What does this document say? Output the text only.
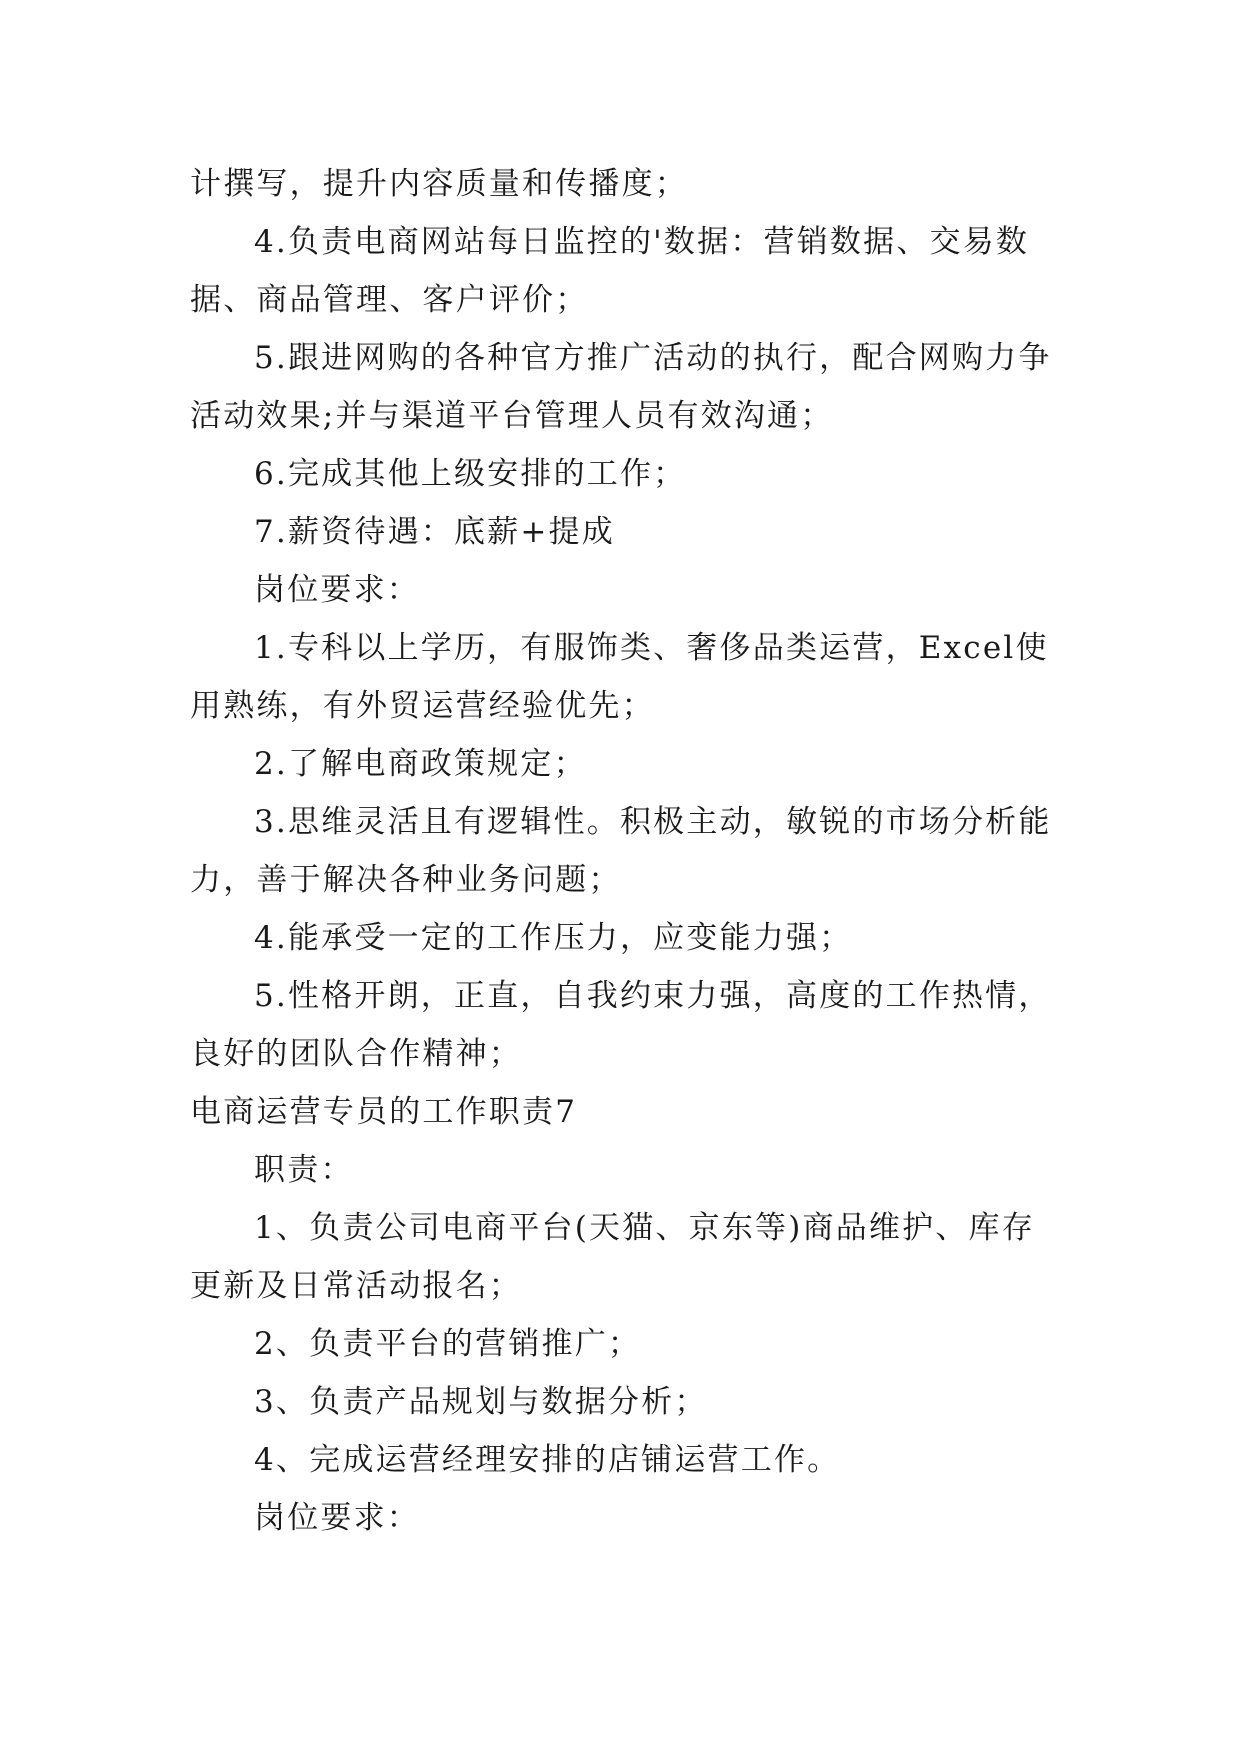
计撰写，提升内容质量和传播度；

4.负责电商网站每日监控的'数据：营销数据、交易数据、商品管理、客户评价；

5.跟进网购的各种官方推广活动的执行，配合网购力争活动效果;并与渠道平台管理人员有效沟通；

6.完成其他上级安排的工作；

7.薪资待遇：底薪+提成

岗位要求：

1.专科以上学历，有服饰类、奢侈品类运营，Excel使用熟练，有外贸运营经验优先；

2.了解电商政策规定；

3.思维灵活且有逻辑性。积极主动，敏锐的市场分析能力，善于解决各种业务问题；

4.能承受一定的工作压力，应变能力强；

5.性格开朗，正直，自我约束力强，高度的工作热情，良好的团队合作精神；

电商运营专员的工作职责7

职责：

1、负责公司电商平台(天猫、京东等)商品维护、库存更新及日常活动报名；

2、负责平台的营销推广；

3、负责产品规划与数据分析；

4、完成运营经理安排的店铺运营工作。

岗位要求：
